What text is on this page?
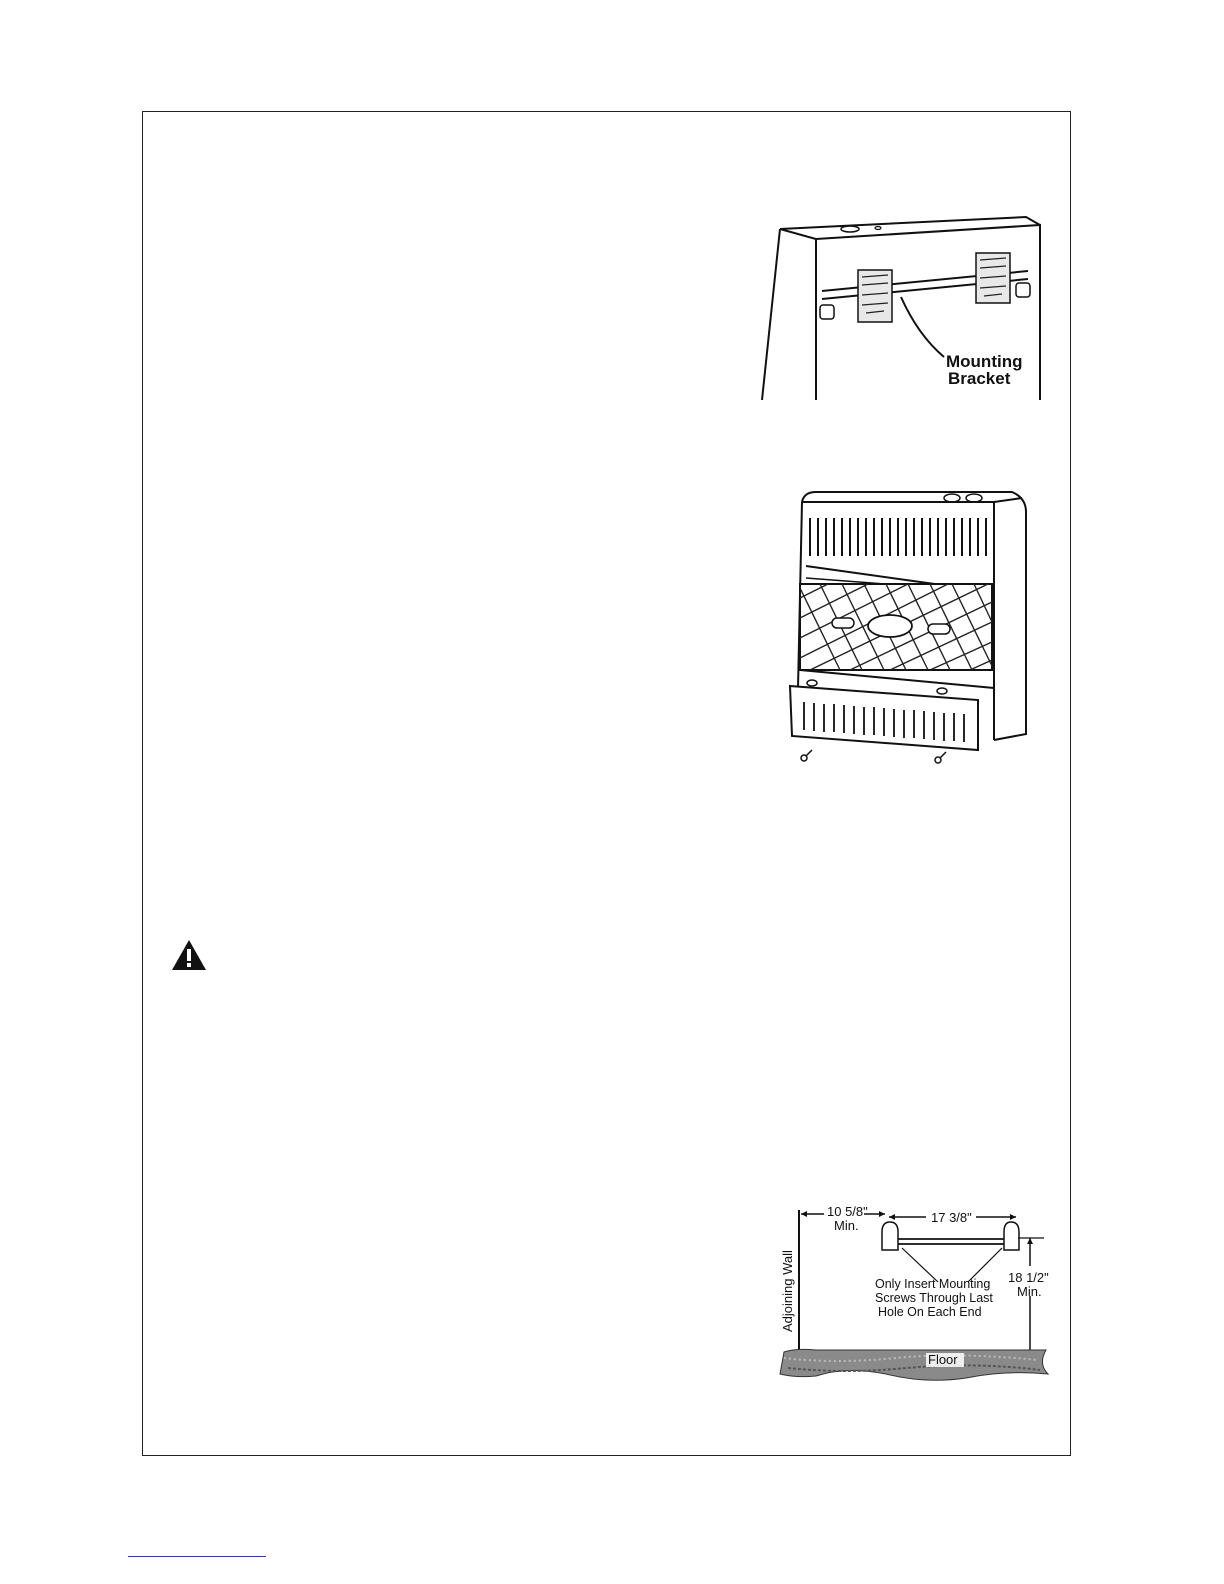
Mounting
Bracket
Adjoining Wall
10 5/8"
Min.
17 3/8"
Only Insert Mounting
Screws Through Last
Hole On Each End
18 1/2"
Min.
Floor
